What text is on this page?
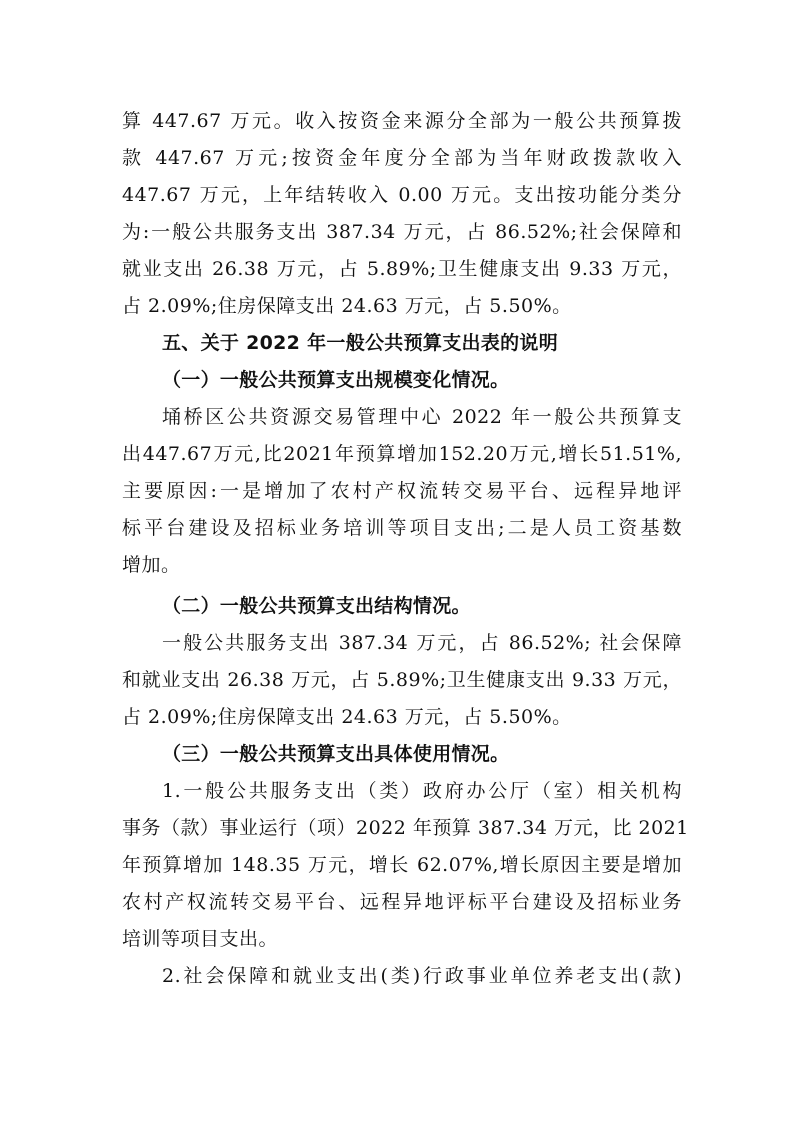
算 447.67 万元。收入按资金来源分全部为一般公共预算拨
款 447.67 万元;按资金年度分全部为当年财政拨款收入
447.67 万元，上年结转收入 0.00 万元。支出按功能分类分
为:一般公共服务支出 387.34 万元，占 86.52%;社会保障和
就业支出 26.38 万元，占 5.89%;卫生健康支出 9.33 万元，
占 2.09%;住房保障支出 24.63 万元，占 5.50%。
五、关于 2022 年一般公共预算支出表的说明
（一）一般公共预算支出规模变化情况。
埇桥区公共资源交易管理中心 2022 年一般公共预算支
出447.67万元,比2021年预算增加152.20万元,增长51.51%,
主要原因:一是增加了农村产权流转交易平台、远程异地评
标平台建设及招标业务培训等项目支出;二是人员工资基数
增加。
（二）一般公共预算支出结构情况。
一般公共服务支出 387.34 万元，占 86.52%; 社会保障
和就业支出 26.38 万元，占 5.89%;卫生健康支出 9.33 万元，
占 2.09%;住房保障支出 24.63 万元，占 5.50%。
（三）一般公共预算支出具体使用情况。
1.一般公共服务支出（类）政府办公厅（室）相关机构
事务（款）事业运行（项）2022 年预算 387.34 万元，比 2021
年预算增加 148.35 万元，增长 62.07%,增长原因主要是增加
农村产权流转交易平台、远程异地评标平台建设及招标业务
培训等项目支出。
2.社会保障和就业支出(类)行政事业单位养老支出(款)
